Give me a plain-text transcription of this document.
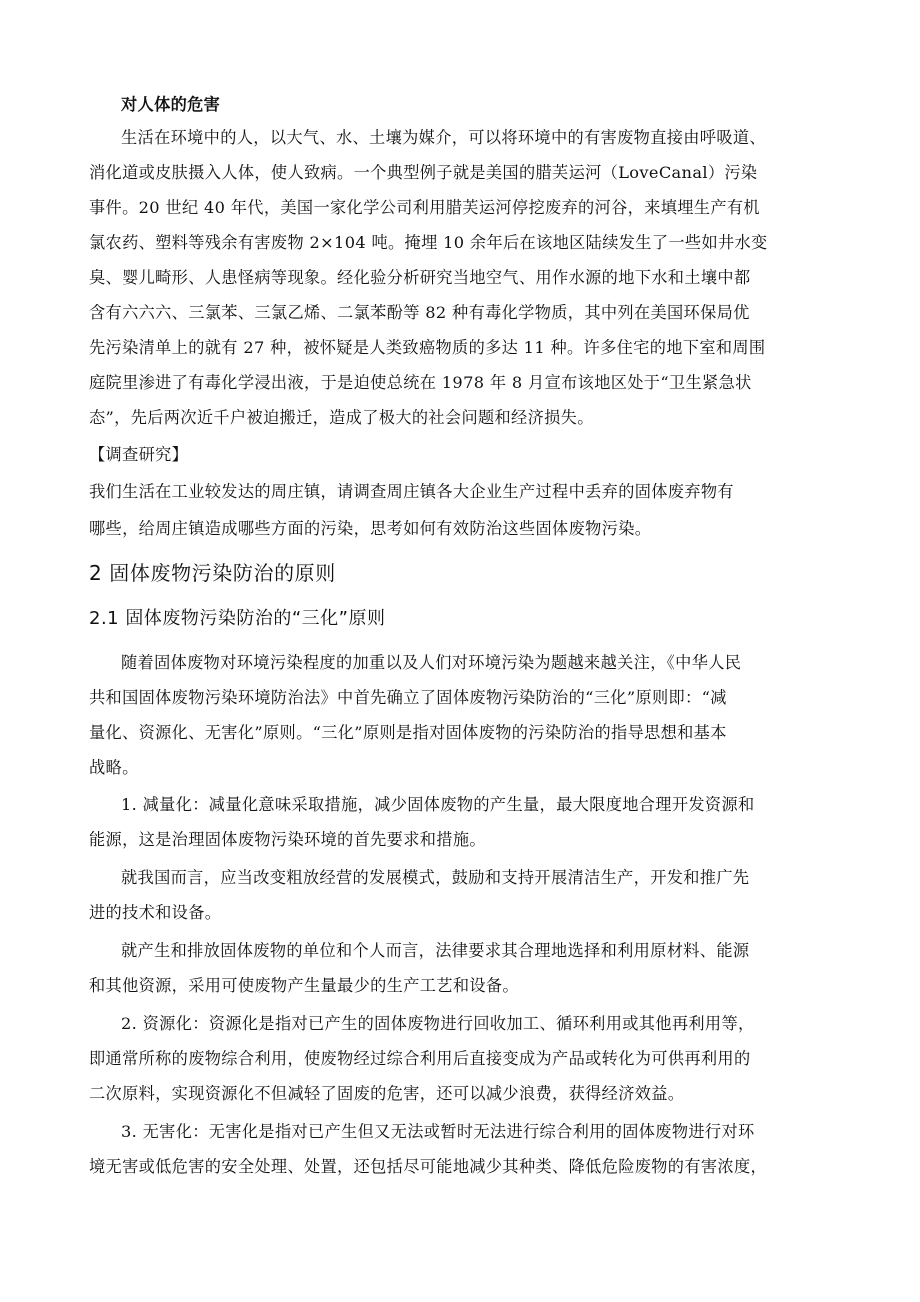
对人体的危害

生活在环境中的人，以大气、水、土壤为媒介，可以将环境中的有害废物直接由呼吸道、

消化道或皮肤摄入人体，使人致病。一个典型例子就是美国的腊芙运河（LoveCanal）污染

事件。20 世纪 40 年代，美国一家化学公司利用腊芙运河停挖废弃的河谷，来填埋生产有机

氯农药、塑料等残余有害废物 2×104 吨。掩埋 10 余年后在该地区陆续发生了一些如井水变

臭、婴儿畸形、人患怪病等现象。经化验分析研究当地空气、用作水源的地下水和土壤中都

含有六六六、三氯苯、三氯乙烯、二氯苯酚等 82 种有毒化学物质，其中列在美国环保局优

先污染清单上的就有 27 种，被怀疑是人类致癌物质的多达 11 种。许多住宅的地下室和周围

庭院里渗进了有毒化学浸出液，于是迫使总统在 1978 年 8 月宣布该地区处于“卫生紧急状

态”，先后两次近千户被迫搬迁，造成了极大的社会问题和经济损失。

【调查研究】

我们生活在工业较发达的周庄镇，请调查周庄镇各大企业生产过程中丢弃的固体废弃物有

哪些，给周庄镇造成哪些方面的污染，思考如何有效防治这些固体废物污染。

2 固体废物污染防治的原则

2.1 固体废物污染防治的“三化”原则

随着固体废物对环境污染程度的加重以及人们对环境污染为题越来越关注，《中华人民

共和国固体废物污染环境防治法》中首先确立了固体废物污染防治的“三化”原则即：“减

量化、资源化、无害化”原则。“三化”原则是指对固体废物的污染防治的指导思想和基本

战略。

1. 减量化：减量化意味采取措施，减少固体废物的产生量，最大限度地合理开发资源和

能源，这是治理固体废物污染环境的首先要求和措施。

就我国而言，应当改变粗放经营的发展模式，鼓励和支持开展清洁生产，开发和推广先

进的技术和设备。

就产生和排放固体废物的单位和个人而言，法律要求其合理地选择和利用原材料、能源

和其他资源，采用可使废物产生量最少的生产工艺和设备。

2. 资源化：资源化是指对已产生的固体废物进行回收加工、循环利用或其他再利用等，

即通常所称的废物综合利用，使废物经过综合利用后直接变成为产品或转化为可供再利用的

二次原料，实现资源化不但减轻了固废的危害，还可以减少浪费，获得经济效益。

3. 无害化：无害化是指对已产生但又无法或暂时无法进行综合利用的固体废物进行对环

境无害或低危害的安全处理、处置，还包括尽可能地减少其种类、降低危险废物的有害浓度，
